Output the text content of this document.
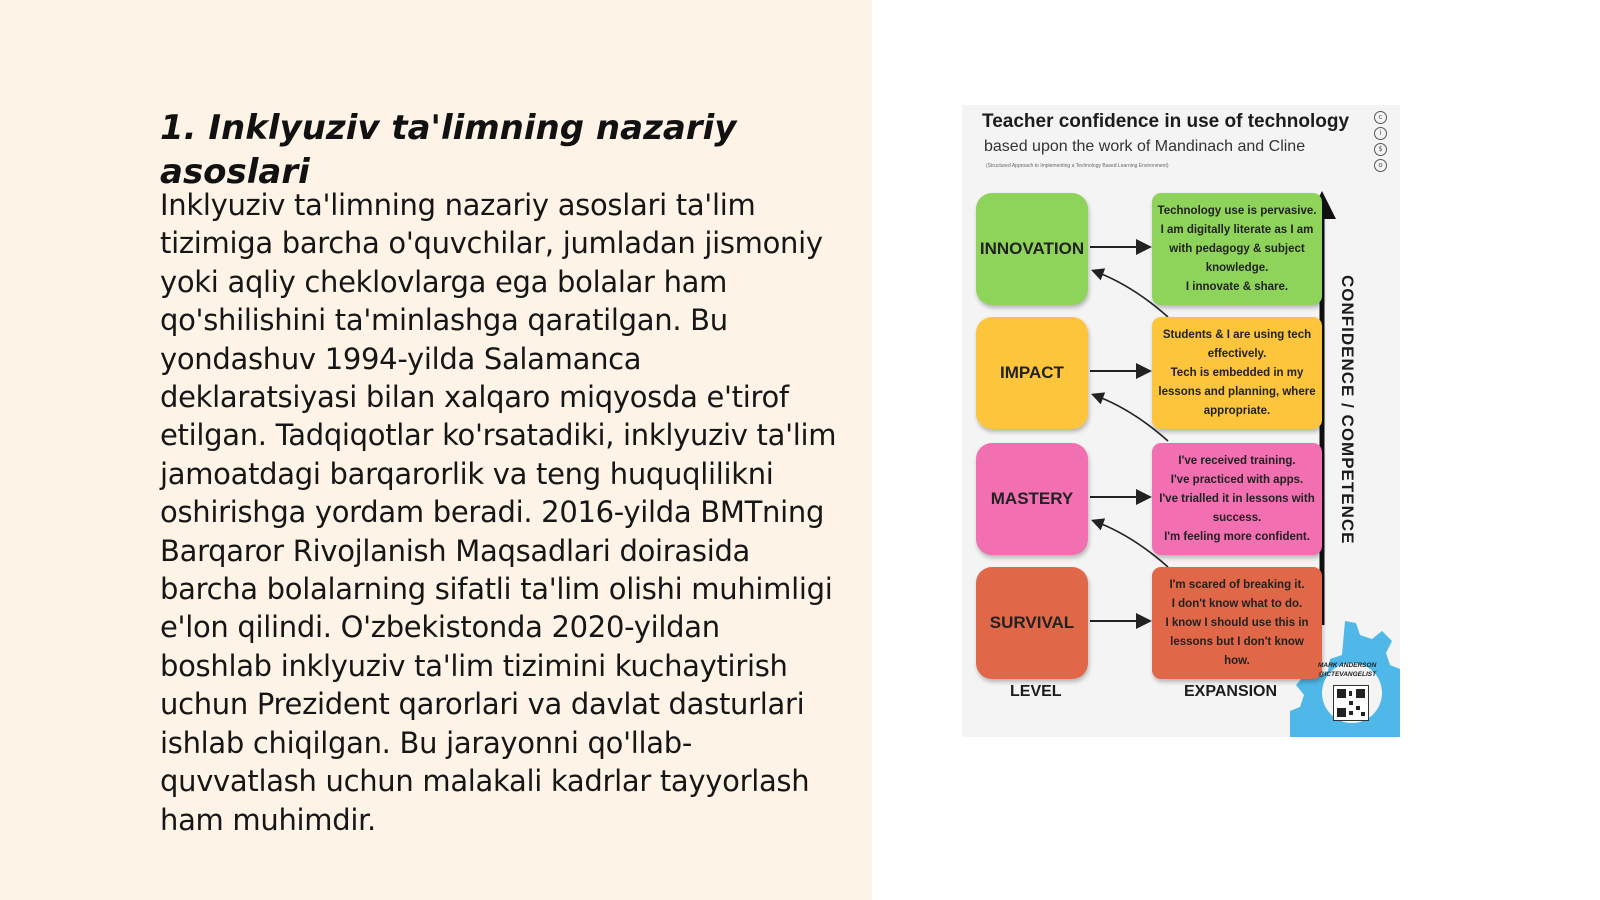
1. Inklyuziv ta'limning nazariy asoslari

Inklyuziv ta'limning nazariy asoslari ta'lim tizimiga barcha o'quvchilar, jumladan jismoniy yoki aqliy cheklovlarga ega bolalar ham qo'shilishini ta'minlashga qaratilgan. Bu yondashuv 1994-yilda Salamanca deklaratsiyasi bilan xalqaro miqyosda e'tirof etilgan. Tadqiqotlar ko'rsatadiki, inklyuziv ta'lim jamoatdagi barqarorlik va teng huquqlilikni oshirishga yordam beradi. 2016-yilda BMTning Barqaror Rivojlanish Maqsadlari doirasida barcha bolalarning sifatli ta'lim olishi muhimligi e'lon qilindi. O'zbekistonda 2020-yildan boshlab inklyuziv ta'lim tizimini kuchaytirish uchun Prezident qarorlari va davlat dasturlari ishlab chiqilgan. Bu jarayonni qo'llab-quvvatlash uchun malakali kadrlar tayyorlash ham muhimdir.

Teacher confidence in use of technology

based upon the work of Mandinach and Cline

(Structured Approach to Implementing a Technology Based Learning Environment)

c
i
$
o
INNOVATION
IMPACT
MASTERY
SURVIVAL
Technology use is pervasive.
I am digitally literate as I am with pedagogy & subject knowledge.
I innovate & share.
Students & I are using tech effectively.
Tech is embedded in my lessons and planning, where appropriate.
I've received training.
I've practiced with apps.
I've trialled it in lessons with success.
I'm feeling more confident.
I'm scared of breaking it.
I don't know what to do.
I know I should use this in lessons but I don't know how.

LEVEL	EXPANSION

CONFIDENCE / COMPETENCE

MARK ANDERSON
@ICTEVANGELIST
